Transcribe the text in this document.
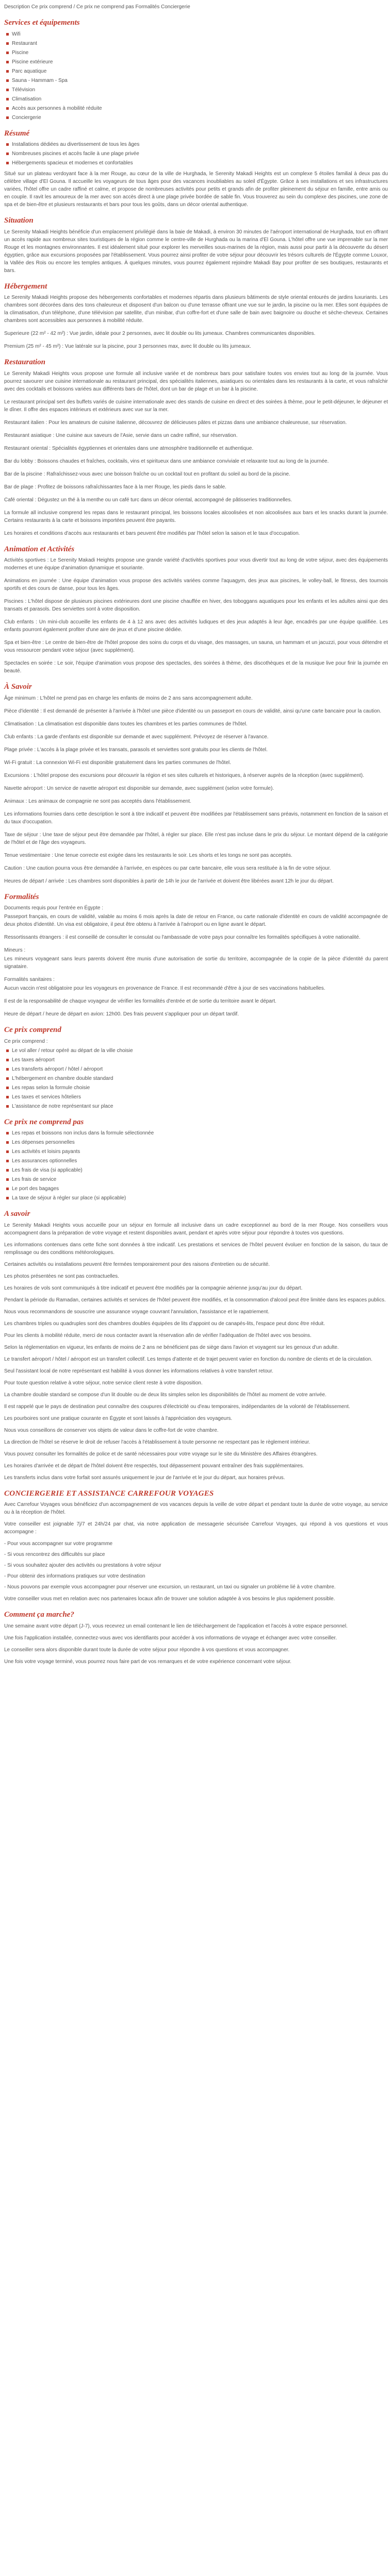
Description Ce prix comprend / Ce prix ne comprend pas Formalités Conciergerie

Services et équipements
Wifi
Restaurant
Piscine
Piscine extérieure
Parc aquatique
Sauna - Hammam - Spa
Télévision
Climatisation
Accès aux personnes à mobilité réduite
Conciergerie
Résumé
Installations dédiées au divertissement de tous les âges
Nombreuses piscines et accès facile à une plage privée
Hébergements spacieux et modernes et confortables

Situé sur un plateau verdoyant face à la mer Rouge, au cœur de la ville de Hurghada, le Serenity Makadi Heights est un complexe 5 étoiles familial à deux pas du célèbre village d'El Gouna. Il accueille les voyageurs de tous âges pour des vacances inoubliables au soleil d'Égypte. Grâce à ses installations et ses infrastructures variées, l'hôtel offre un cadre raffiné et calme, et propose de nombreuses activités pour petits et grands afin de profiter pleinement du séjour en famille, entre amis ou en couple. Il ravit les amoureux de la mer avec son accès direct à une plage privée bordée de sable fin. Vous trouverez au sein du complexe des piscines, une zone de spa et de bien-être et plusieurs restaurants et bars pour tous les goûts, dans un décor oriental authentique.

Situation

Le Serenity Makadi Heights bénéficie d'un emplacement privilégié dans la baie de Makadi, à environ 30 minutes de l'aéroport international de Hurghada, tout en offrant un accès rapide aux nombreux sites touristiques de la région comme le centre-ville de Hurghada ou la marina d'El Gouna. L'hôtel offre une vue imprenable sur la mer Rouge et les montagnes environnantes. Il est idéalement situé pour explorer les merveilles sous-marines de la région, mais aussi pour partir à la découverte du désert égyptien, grâce aux excursions proposées par l'établissement. Vous pourrez ainsi profiter de votre séjour pour découvrir les trésors culturels de l'Égypte comme Louxor, la Vallée des Rois ou encore les temples antiques. À quelques minutes, vous pourrez également rejoindre Makadi Bay pour profiter de ses boutiques, restaurants et bars.

Hébergement

Le Serenity Makadi Heights propose des hébergements confortables et modernes répartis dans plusieurs bâtiments de style oriental entourés de jardins luxuriants. Les chambres sont décorées dans des tons chaleureux et disposent d'un balcon ou d'une terrasse offrant une vue sur le jardin, la piscine ou la mer. Elles sont équipées de la climatisation, d'un téléphone, d'une télévision par satellite, d'un minibar, d'un coffre-fort et d'une salle de bain avec baignoire ou douche et sèche-cheveux. Certaines chambres sont accessibles aux personnes à mobilité réduite.

Superieure (22 m² - 42 m²) : Vue jardin, idéale pour 2 personnes, avec lit double ou lits jumeaux. Chambres communicantes disponibles.

Premium (25 m² - 45 m²) : Vue latérale sur la piscine, pour 3 personnes max, avec lit double ou lits jumeaux.

Restauration

Le Serenity Makadi Heights vous propose une formule all inclusive variée et de nombreux bars pour satisfaire toutes vos envies tout au long de la journée. Vous pourrez savourer une cuisine internationale au restaurant principal, des spécialités italiennes, asiatiques ou orientales dans les restaurants à la carte, et vous rafraîchir avec des cocktails et boissons variées aux différents bars de l'hôtel, dont un bar de plage et un bar à la piscine.

Le restaurant principal sert des buffets variés de cuisine internationale avec des stands de cuisine en direct et des soirées à thème, pour le petit-déjeuner, le déjeuner et le dîner. Il offre des espaces intérieurs et extérieurs avec vue sur la mer.

Restaurant italien : Pour les amateurs de cuisine italienne, découvrez de délicieuses pâtes et pizzas dans une ambiance chaleureuse, sur réservation.

Restaurant asiatique : Une cuisine aux saveurs de l'Asie, servie dans un cadre raffiné, sur réservation.

Restaurant oriental : Spécialités égyptiennes et orientales dans une atmosphère traditionnelle et authentique.

Bar du lobby : Boissons chaudes et fraîches, cocktails, vins et spiritueux dans une ambiance conviviale et relaxante tout au long de la journée.

Bar de la piscine : Rafraîchissez-vous avec une boisson fraîche ou un cocktail tout en profitant du soleil au bord de la piscine.

Bar de plage : Profitez de boissons rafraîchissantes face à la mer Rouge, les pieds dans le sable.

Café oriental : Dégustez un thé à la menthe ou un café turc dans un décor oriental, accompagné de pâtisseries traditionnelles.

La formule all inclusive comprend les repas dans le restaurant principal, les boissons locales alcoolisées et non alcoolisées aux bars et les snacks durant la journée. Certains restaurants à la carte et boissons importées peuvent être payants.

Les horaires et conditions d'accès aux restaurants et bars peuvent être modifiés par l'hôtel selon la saison et le taux d'occupation.

Animation et Activités

Activités sportives : Le Serenity Makadi Heights propose une grande variété d'activités sportives pour vous divertir tout au long de votre séjour, avec des équipements modernes et une équipe d'animation dynamique et souriante.

Animations en journée : Une équipe d'animation vous propose des activités variées comme l'aquagym, des jeux aux piscines, le volley-ball, le fitness, des tournois sportifs et des cours de danse, pour tous les âges.

Piscines : L'hôtel dispose de plusieurs piscines extérieures dont une piscine chauffée en hiver, des toboggans aquatiques pour les enfants et les adultes ainsi que des transats et parasols. Des serviettes sont à votre disposition.

Club enfants : Un mini-club accueille les enfants de 4 à 12 ans avec des activités ludiques et des jeux adaptés à leur âge, encadrés par une équipe qualifiée. Les enfants pourront également profiter d'une aire de jeux et d'une piscine dédiée.

Spa et bien-être : Le centre de bien-être de l'hôtel propose des soins du corps et du visage, des massages, un sauna, un hammam et un jacuzzi, pour vous détendre et vous ressourcer pendant votre séjour (avec supplément).

Spectacles en soirée : Le soir, l'équipe d'animation vous propose des spectacles, des soirées à thème, des discothèques et de la musique live pour finir la journée en beauté.

À Savoir

Âge minimum : L'hôtel ne prend pas en charge les enfants de moins de 2 ans sans accompagnement adulte.

Pièce d'identité : Il est demandé de présenter à l'arrivée à l'hôtel une pièce d'identité ou un passeport en cours de validité, ainsi qu'une carte bancaire pour la caution.

Climatisation : La climatisation est disponible dans toutes les chambres et les parties communes de l'hôtel.

Club enfants : La garde d'enfants est disponible sur demande et avec supplément. Prévoyez de réserver à l'avance.

Plage privée : L'accès à la plage privée et les transats, parasols et serviettes sont gratuits pour les clients de l'hôtel.

Wi-Fi gratuit : La connexion Wi-Fi est disponible gratuitement dans les parties communes de l'hôtel.

Excursions : L'hôtel propose des excursions pour découvrir la région et ses sites culturels et historiques, à réserver auprès de la réception (avec supplément).

Navette aéroport : Un service de navette aéroport est disponible sur demande, avec supplément (selon votre formule).

Animaux : Les animaux de compagnie ne sont pas acceptés dans l'établissement.

Les informations fournies dans cette description le sont à titre indicatif et peuvent être modifiées par l'établissement sans préavis, notamment en fonction de la saison et du taux d'occupation.

Taxe de séjour : Une taxe de séjour peut être demandée par l'hôtel, à régler sur place. Elle n'est pas incluse dans le prix du séjour. Le montant dépend de la catégorie de l'hôtel et de l'âge des voyageurs.

Tenue vestimentaire : Une tenue correcte est exigée dans les restaurants le soir. Les shorts et les tongs ne sont pas acceptés.

Caution : Une caution pourra vous être demandée à l'arrivée, en espèces ou par carte bancaire, elle vous sera restituée à la fin de votre séjour.

Heures de départ / arrivée : Les chambres sont disponibles à partir de 14h le jour de l'arrivée et doivent être libérées avant 12h le jour du départ.

Formalités

Documents requis pour l'entrée en Égypte :

Passeport français, en cours de validité, valable au moins 6 mois après la date de retour en France, ou carte nationale d'identité en cours de validité accompagnée de deux photos d'identité. Un visa est obligatoire, il peut être obtenu à l'arrivée à l'aéroport ou en ligne avant le départ.

Ressortissants étrangers : il est conseillé de consulter le consulat ou l'ambassade de votre pays pour connaître les formalités spécifiques à votre nationalité.

Mineurs :

Les mineurs voyageant sans leurs parents doivent être munis d'une autorisation de sortie du territoire, accompagnée de la copie de la pièce d'identité du parent signataire.

Formalités sanitaires :

Aucun vaccin n'est obligatoire pour les voyageurs en provenance de France. Il est recommandé d'être à jour de ses vaccinations habituelles.

Il est de la responsabilité de chaque voyageur de vérifier les formalités d'entrée et de sortie du territoire avant le départ.

Heure de départ / heure de départ en avion: 12h00. Des frais peuvent s'appliquer pour un départ tardif.

Ce prix comprend

Ce prix comprend :

Le vol aller / retour opéré au départ de la ville choisie
Les taxes aéroport
Les transferts aéroport / hôtel / aéroport
L'hébergement en chambre double standard
Les repas selon la formule choisie
Les taxes et services hôteliers
L'assistance de notre représentant sur place
Ce prix ne comprend pas
Les repas et boissons non inclus dans la formule sélectionnée
Les dépenses personnelles
Les activités et loisirs payants
Les assurances optionnelles
Les frais de visa (si applicable)
Les frais de service
Le port des bagages
La taxe de séjour à régler sur place (si applicable)
A savoir

Le Serenity Makadi Heights vous accueille pour un séjour en formule all inclusive dans un cadre exceptionnel au bord de la mer Rouge. Nos conseillers vous accompagnent dans la préparation de votre voyage et restent disponibles avant, pendant et après votre séjour pour répondre à toutes vos questions.

Les informations contenues dans cette fiche sont données à titre indicatif. Les prestations et services de l'hôtel peuvent évoluer en fonction de la saison, du taux de remplissage ou des conditions météorologiques.

Certaines activités ou installations peuvent être fermées temporairement pour des raisons d'entretien ou de sécurité.

Les photos présentées ne sont pas contractuelles.

Les horaires de vols sont communiqués à titre indicatif et peuvent être modifiés par la compagnie aérienne jusqu'au jour du départ.

Pendant la période du Ramadan, certaines activités et services de l'hôtel peuvent être modifiés, et la consommation d'alcool peut être limitée dans les espaces publics.

Nous vous recommandons de souscrire une assurance voyage couvrant l'annulation, l'assistance et le rapatriement.

Les chambres triples ou quadruples sont des chambres doubles équipées de lits d'appoint ou de canapés-lits, l'espace peut donc être réduit.

Pour les clients à mobilité réduite, merci de nous contacter avant la réservation afin de vérifier l'adéquation de l'hôtel avec vos besoins.

Selon la réglementation en vigueur, les enfants de moins de 2 ans ne bénéficient pas de siège dans l'avion et voyagent sur les genoux d'un adulte.

Le transfert aéroport / hôtel / aéroport est un transfert collectif. Les temps d'attente et de trajet peuvent varier en fonction du nombre de clients et de la circulation.

Seul l'assistant local de notre représentant est habilité à vous donner les informations relatives à votre transfert retour.

Pour toute question relative à votre séjour, notre service client reste à votre disposition.

La chambre double standard se compose d'un lit double ou de deux lits simples selon les disponibilités de l'hôtel au moment de votre arrivée.

Il est rappelé que le pays de destination peut connaître des coupures d'électricité ou d'eau temporaires, indépendantes de la volonté de l'établissement.

Les pourboires sont une pratique courante en Égypte et sont laissés à l'appréciation des voyageurs.

Nous vous conseillons de conserver vos objets de valeur dans le coffre-fort de votre chambre.

La direction de l'hôtel se réserve le droit de refuser l'accès à l'établissement à toute personne ne respectant pas le règlement intérieur.

Vous pouvez consulter les formalités de police et de santé nécessaires pour votre voyage sur le site du Ministère des Affaires étrangères.

Les horaires d'arrivée et de départ de l'hôtel doivent être respectés, tout dépassement pouvant entraîner des frais supplémentaires.

Les transferts inclus dans votre forfait sont assurés uniquement le jour de l'arrivée et le jour du départ, aux horaires prévus.

CONCIERGERIE ET ASSISTANCE CARREFOUR VOYAGES

Avec Carrefour Voyages vous bénéficiez d'un accompagnement de vos vacances depuis la veille de votre départ et pendant toute la durée de votre voyage, au service ou à la réception de l'hôtel.

Votre conseiller est joignable 7j/7 et 24h/24 par chat, via notre application de messagerie sécurisée Carrefour Voyages, qui répond à vos questions et vous accompagne :

- Pour vous accompagner sur votre programme

- Si vous rencontrez des difficultés sur place

- Si vous souhaitez ajouter des activités ou prestations à votre séjour

- Pour obtenir des informations pratiques sur votre destination

- Nous pouvons par exemple vous accompagner pour réserver une excursion, un restaurant, un taxi ou signaler un problème lié à votre chambre.

Votre conseiller vous met en relation avec nos partenaires locaux afin de trouver une solution adaptée à vos besoins le plus rapidement possible.

Comment ça marche?

Une semaine avant votre départ (J-7), vous recevrez un email contenant le lien de téléchargement de l'application et l'accès à votre espace personnel.

Une fois l'application installée, connectez-vous avec vos identifiants pour accéder à vos informations de voyage et échanger avec votre conseiller.

Le conseiller sera alors disponible durant toute la durée de votre séjour pour répondre à vos questions et vous accompagner.

Une fois votre voyage terminé, vous pourrez nous faire part de vos remarques et de votre expérience concernant votre séjour.
